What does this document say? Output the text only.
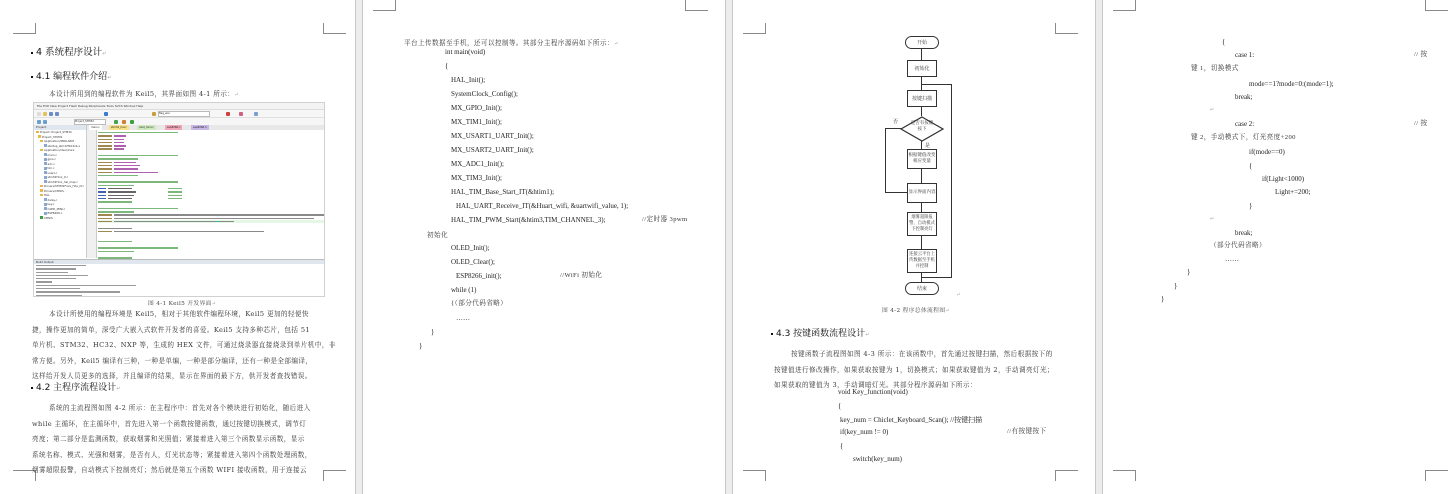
4 系统程序设计↵
4.1 编程软件介绍↵
本设计所用到的编程软件为 Keil5，其界面如图 4-1 所示：↵
File Edit View Project Flash Debug Peripherals Tools SVCS Window Help
flag_wei
Project_STM32
Project
Project: Project_STM32
Project_STM32
Application/MDK-ARM
startup_stm32f103xb.s
Application/User/Core
main.c
gpio.c
adc.c
tim.c
usart.c
stm32f1xx_it.c
stm32f1xx_hal_msp.c
Drivers/STM32F1xx_HAL_Dri
Drivers/CMSIS
HAL
delay.c
key.c
OLED_MINI.c
ESP8266.c
CMSIS
main.c	stm32_hal.c	oled_mini.c	esp8266.c	esp8266.h
Build Output
图 4-1 Keil5 开发界面↵
本设计所使用的编程环境是 Keil5，相对于其他软件编程环境，Keil5 更加的轻便快
捷，操作更加的简单，深受广大嵌入式软件开发者的喜爱。Keil5 支持多种芯片，包括 51
单片机、STM32、HC32、NXP 等，生成的 HEX 文件，可通过烧录器直接烧录到单片机中，非
常方便。另外，Keil5 编译有三种，一种是单编，一种是部分编译，还有一种是全部编译，
这样给开发人员更多的选择，并且编译的结果，显示在界面的最下方，供开发者查找错误。
4.2 主程序流程设计↵
系统的主流程图如图 4-2 所示：在主程序中：首先对各个模块进行初始化，随后进入
while 主循环，在主循环中，首先进入第一个函数按键函数，通过按键切换模式，调节灯
亮度；第二部分是监测函数，获取烟雾和光照值；紧接着进入第三个函数显示函数，显示
系统名称、模式、光强和烟雾，是否有人，灯光状态等；紧接着进入第四个函数处理函数，
烟雾超限报警，自动模式下控制亮灯；然后就是第五个函数 WIFI 接收函数，用于连接云
平台上传数据至手机，还可以控制等。其部分主程序源码如下所示：↵
int main(void)
{
HAL_Init();
SystemClock_Config();
MX_GPIO_Init();
MX_TIM1_Init();
MX_USART1_UART_Init();
MX_USART2_UART_Init();
MX_ADC1_Init();
MX_TIM3_Init();
HAL_TIM_Base_Start_IT(&htim1);
HAL_UART_Receive_IT(&Huart_wifi, &uartwifi_value, 1);
HAL_TIM_PWM_Start(&htim3,TIM_CHANNEL_3);	//定时器 3pwm
初始化
OLED_Init();
OLED_Clear();
ESP8266_init();	//WiFi 初始化
while (1)
{（部分代码省略）
……
}
}
开始
初始化
按键扫描
是否有按键按下
否
是
根据键值改变相应变量
显示界面内容
烟雾超限报警，自动模式下控制亮灯
连接云平台上传数据至手机并控制
结束
↵
图 4-2 程序总体流程图↵
4.3 按键函数流程设计↵
按键函数子流程图如图 4-3 所示：在该函数中，首先通过按键扫描，然后根据按下的
按键值进行修改操作，如果获取按键为 1，切换模式；如果获取键值为 2，手动调亮灯光；
如果获取的键值为 3，手动调暗灯光。其部分程序源码如下所示：
void Key_function(void)
{
key_num = Chiclet_Keyboard_Scan(); //按键扫描
if(key_num != 0)	//有按键按下
{
switch(key_num)
{
case 1:	// 按
键 1，切换模式
mode==1?mode=0:(mode=1);
break;
↵
case 2:	// 按
键 2，手动模式下，灯光亮度+200
if(mode==0)
{
if(Light<1000)
Light+=200;
}
↵
break;
（部分代码省略）
……
}
}
}
